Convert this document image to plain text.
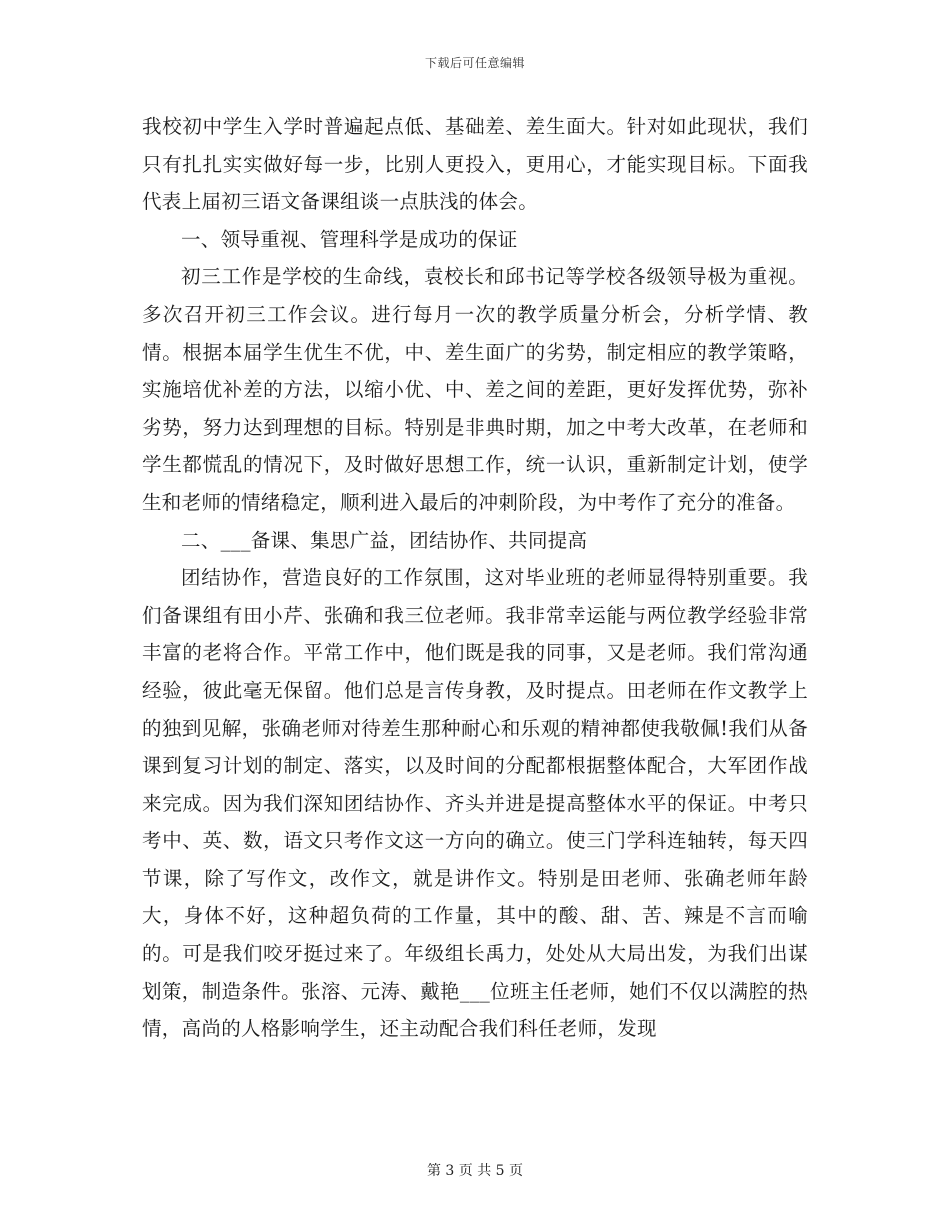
下载后可任意编辑

我校初中学生入学时普遍起点低、基础差、差生面大。针对如此现状，我们只有扎扎实实做好每一步，比别人更投入，更用心，才能实现目标。下面我代表上届初三语文备课组谈一点肤浅的体会。

一、领导重视、管理科学是成功的保证

初三工作是学校的生命线，袁校长和邱书记等学校各级领导极为重视。多次召开初三工作会议。进行每月一次的教学质量分析会，分析学情、教情。根据本届学生优生不优，中、差生面广的劣势，制定相应的教学策略，实施培优补差的方法，以缩小优、中、差之间的差距，更好发挥优势，弥补劣势，努力达到理想的目标。特别是非典时期，加之中考大改革，在老师和学生都慌乱的情况下，及时做好思想工作，统一认识，重新制定计划，使学生和老师的情绪稳定，顺利进入最后的冲刺阶段，为中考作了充分的准备。

二、___备课、集思广益，团结协作、共同提高

团结协作，营造良好的工作氛围，这对毕业班的老师显得特别重要。我们备课组有田小芹、张确和我三位老师。我非常幸运能与两位教学经验非常丰富的老将合作。平常工作中，他们既是我的同事，又是老师。我们常沟通经验，彼此毫无保留。他们总是言传身教，及时提点。田老师在作文教学上的独到见解，张确老师对待差生那种耐心和乐观的精神都使我敬佩!我们从备课到复习计划的制定、落实，以及时间的分配都根据整体配合，大军团作战来完成。因为我们深知团结协作、齐头并进是提高整体水平的保证。中考只考中、英、数，语文只考作文这一方向的确立。使三门学科连轴转，每天四节课，除了写作文，改作文，就是讲作文。特别是田老师、张确老师年龄大，身体不好，这种超负荷的工作量，其中的酸、甜、苦、辣是不言而喻的。可是我们咬牙挺过来了。年级组长禹力，处处从大局出发，为我们出谋划策，制造条件。张溶、元涛、戴艳___位班主任老师，她们不仅以满腔的热情，高尚的人格影响学生，还主动配合我们科任老师，发现

第 3 页 共 5 页
